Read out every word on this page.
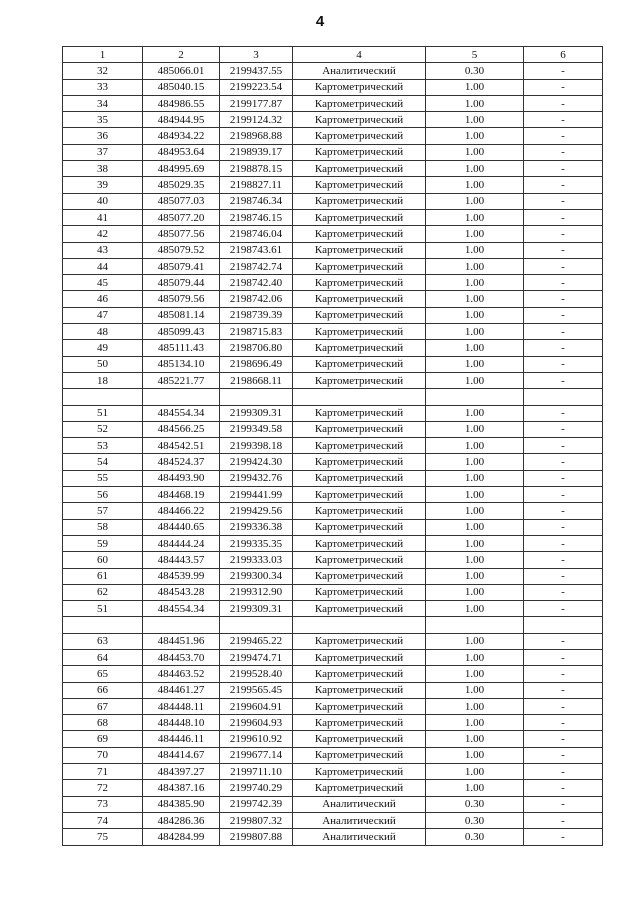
4
1	2	3	4	5	6
32	485066.01	2199437.55	Аналитический	0.30	-
33	485040.15	2199223.54	Картометрический	1.00	-
34	484986.55	2199177.87	Картометрический	1.00	-
35	484944.95	2199124.32	Картометрический	1.00	-
36	484934.22	2198968.88	Картометрический	1.00	-
37	484953.64	2198939.17	Картометрический	1.00	-
38	484995.69	2198878.15	Картометрический	1.00	-
39	485029.35	2198827.11	Картометрический	1.00	-
40	485077.03	2198746.34	Картометрический	1.00	-
41	485077.20	2198746.15	Картометрический	1.00	-
42	485077.56	2198746.04	Картометрический	1.00	-
43	485079.52	2198743.61	Картометрический	1.00	-
44	485079.41	2198742.74	Картометрический	1.00	-
45	485079.44	2198742.40	Картометрический	1.00	-
46	485079.56	2198742.06	Картометрический	1.00	-
47	485081.14	2198739.39	Картометрический	1.00	-
48	485099.43	2198715.83	Картометрический	1.00	-
49	485111.43	2198706.80	Картометрический	1.00	-
50	485134.10	2198696.49	Картометрический	1.00	-
18	485221.77	2198668.11	Картометрический	1.00	-

51	484554.34	2199309.31	Картометрический	1.00	-
52	484566.25	2199349.58	Картометрический	1.00	-
53	484542.51	2199398.18	Картометрический	1.00	-
54	484524.37	2199424.30	Картометрический	1.00	-
55	484493.90	2199432.76	Картометрический	1.00	-
56	484468.19	2199441.99	Картометрический	1.00	-
57	484466.22	2199429.56	Картометрический	1.00	-
58	484440.65	2199336.38	Картометрический	1.00	-
59	484444.24	2199335.35	Картометрический	1.00	-
60	484443.57	2199333.03	Картометрический	1.00	-
61	484539.99	2199300.34	Картометрический	1.00	-
62	484543.28	2199312.90	Картометрический	1.00	-
51	484554.34	2199309.31	Картометрический	1.00	-

63	484451.96	2199465.22	Картометрический	1.00	-
64	484453.70	2199474.71	Картометрический	1.00	-
65	484463.52	2199528.40	Картометрический	1.00	-
66	484461.27	2199565.45	Картометрический	1.00	-
67	484448.11	2199604.91	Картометрический	1.00	-
68	484448.10	2199604.93	Картометрический	1.00	-
69	484446.11	2199610.92	Картометрический	1.00	-
70	484414.67	2199677.14	Картометрический	1.00	-
71	484397.27	2199711.10	Картометрический	1.00	-
72	484387.16	2199740.29	Картометрический	1.00	-
73	484385.90	2199742.39	Аналитический	0.30	-
74	484286.36	2199807.32	Аналитический	0.30	-
75	484284.99	2199807.88	Аналитический	0.30	-
